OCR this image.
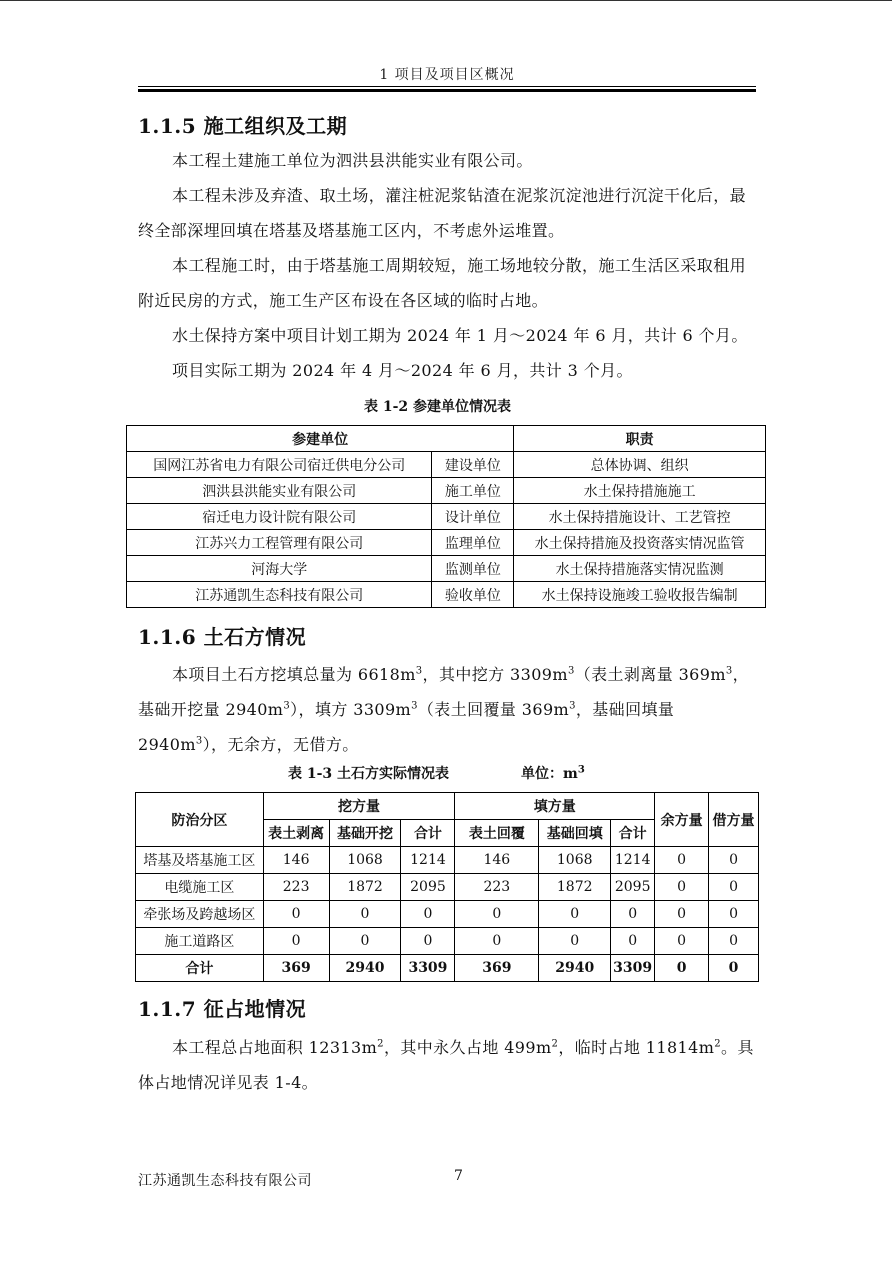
1 项目及项目区概况
1.1.5 施工组织及工期

本工程土建施工单位为泗洪县洪能实业有限公司。

本工程未涉及弃渣、取土场，灌注桩泥浆钻渣在泥浆沉淀池进行沉淀干化后，最终全部深埋回填在塔基及塔基施工区内，不考虑外运堆置。

本工程施工时，由于塔基施工周期较短，施工场地较分散，施工生活区采取租用附近民房的方式，施工生产区布设在各区域的临时占地。

水土保持方案中项目计划工期为 2024 年 1 月～2024 年 6 月，共计 6 个月。

项目实际工期为 2024 年 4 月～2024 年 6 月，共计 3 个月。

表 1-2 参建单位情况表
参建单位		职责
国网江苏省电力有限公司宿迁供电分公司	建设单位	总体协调、组织
泗洪县洪能实业有限公司	施工单位	水土保持措施施工
宿迁电力设计院有限公司	设计单位	水土保持措施设计、工艺管控
江苏兴力工程管理有限公司	监理单位	水土保持措施及投资落实情况监管
河海大学	监测单位	水土保持措施落实情况监测
江苏通凯生态科技有限公司	验收单位	水土保持设施竣工验收报告编制
1.1.6 土石方情况

本项目土石方挖填总量为 $6618m^3$，其中挖方 $3309m^3$（表土剥离量 $369m^3$，基础开挖量 $2940m^3$），填方 $3309m^3$（表土回覆量 $369m^3$，基础回填量 $2940m^3$），无余方，无借方。

表 1-3 土石方实际情况表	单位：$m^3$
防治分区	挖方量			填方量			余方量	借方量
	表土剥离	基础开挖	合计	表土回覆	基础回填	合计		
塔基及塔基施工区	146	1068	1214	146	1068	1214	0	0
电缆施工区	223	1872	2095	223	1872	2095	0	0
牵张场及跨越场区	0	0	0	0	0	0	0	0
施工道路区	0	0	0	0	0	0	0	0
合计	369	2940	3309	369	2940	3309	0	0
1.1.7 征占地情况

本工程总占地面积 $12313m^2$，其中永久占地 $499m^2$，临时占地 $11814m^2$。具体占地情况详见表 1-4。

江苏通凯生态科技有限公司	7
